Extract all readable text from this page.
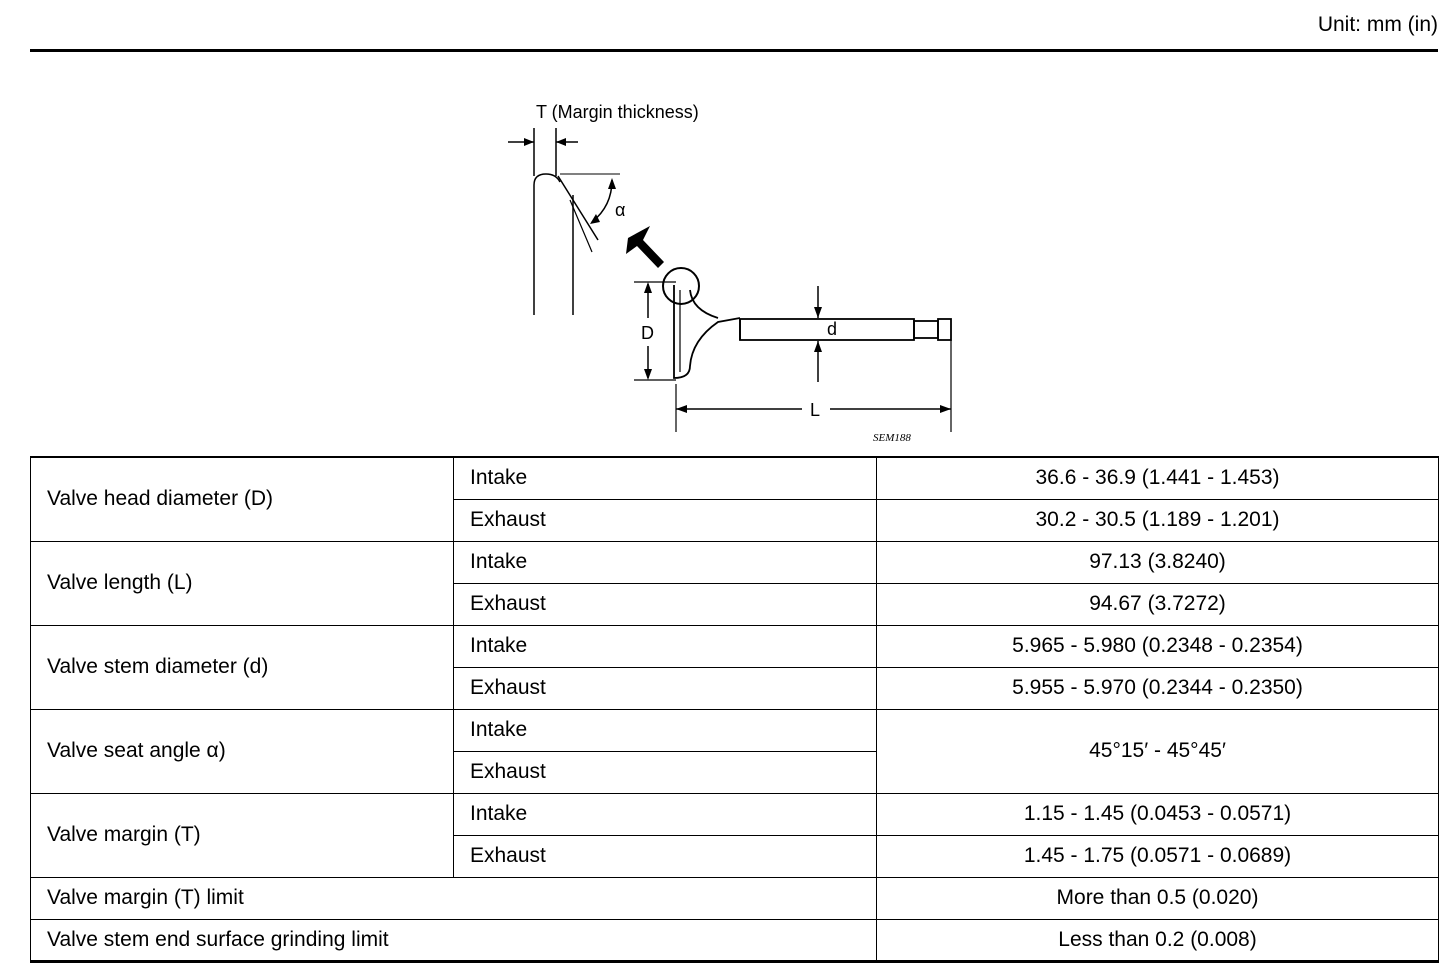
Unit: mm (in)
T (Margin thickness)
α
D	d
L
SEM188
Valve head diameter (D)	Intake	36.6 - 36.9 (1.441 - 1.453)
	Exhaust	30.2 - 30.5 (1.189 - 1.201)
Valve length (L)	Intake	97.13 (3.8240)
	Exhaust	94.67 (3.7272)
Valve stem diameter (d)	Intake	5.965 - 5.980 (0.2348 - 0.2354)
	Exhaust	5.955 - 5.970 (0.2344 - 0.2350)
Valve seat angle α)	Intake	45°15′ - 45°45′
	Exhaust	
Valve margin (T)	Intake	1.15 - 1.45 (0.0453 - 0.0571)
	Exhaust	1.45 - 1.75 (0.0571 - 0.0689)
Valve margin (T) limit		More than 0.5 (0.020)
Valve stem end surface grinding limit		Less than 0.2 (0.008)
